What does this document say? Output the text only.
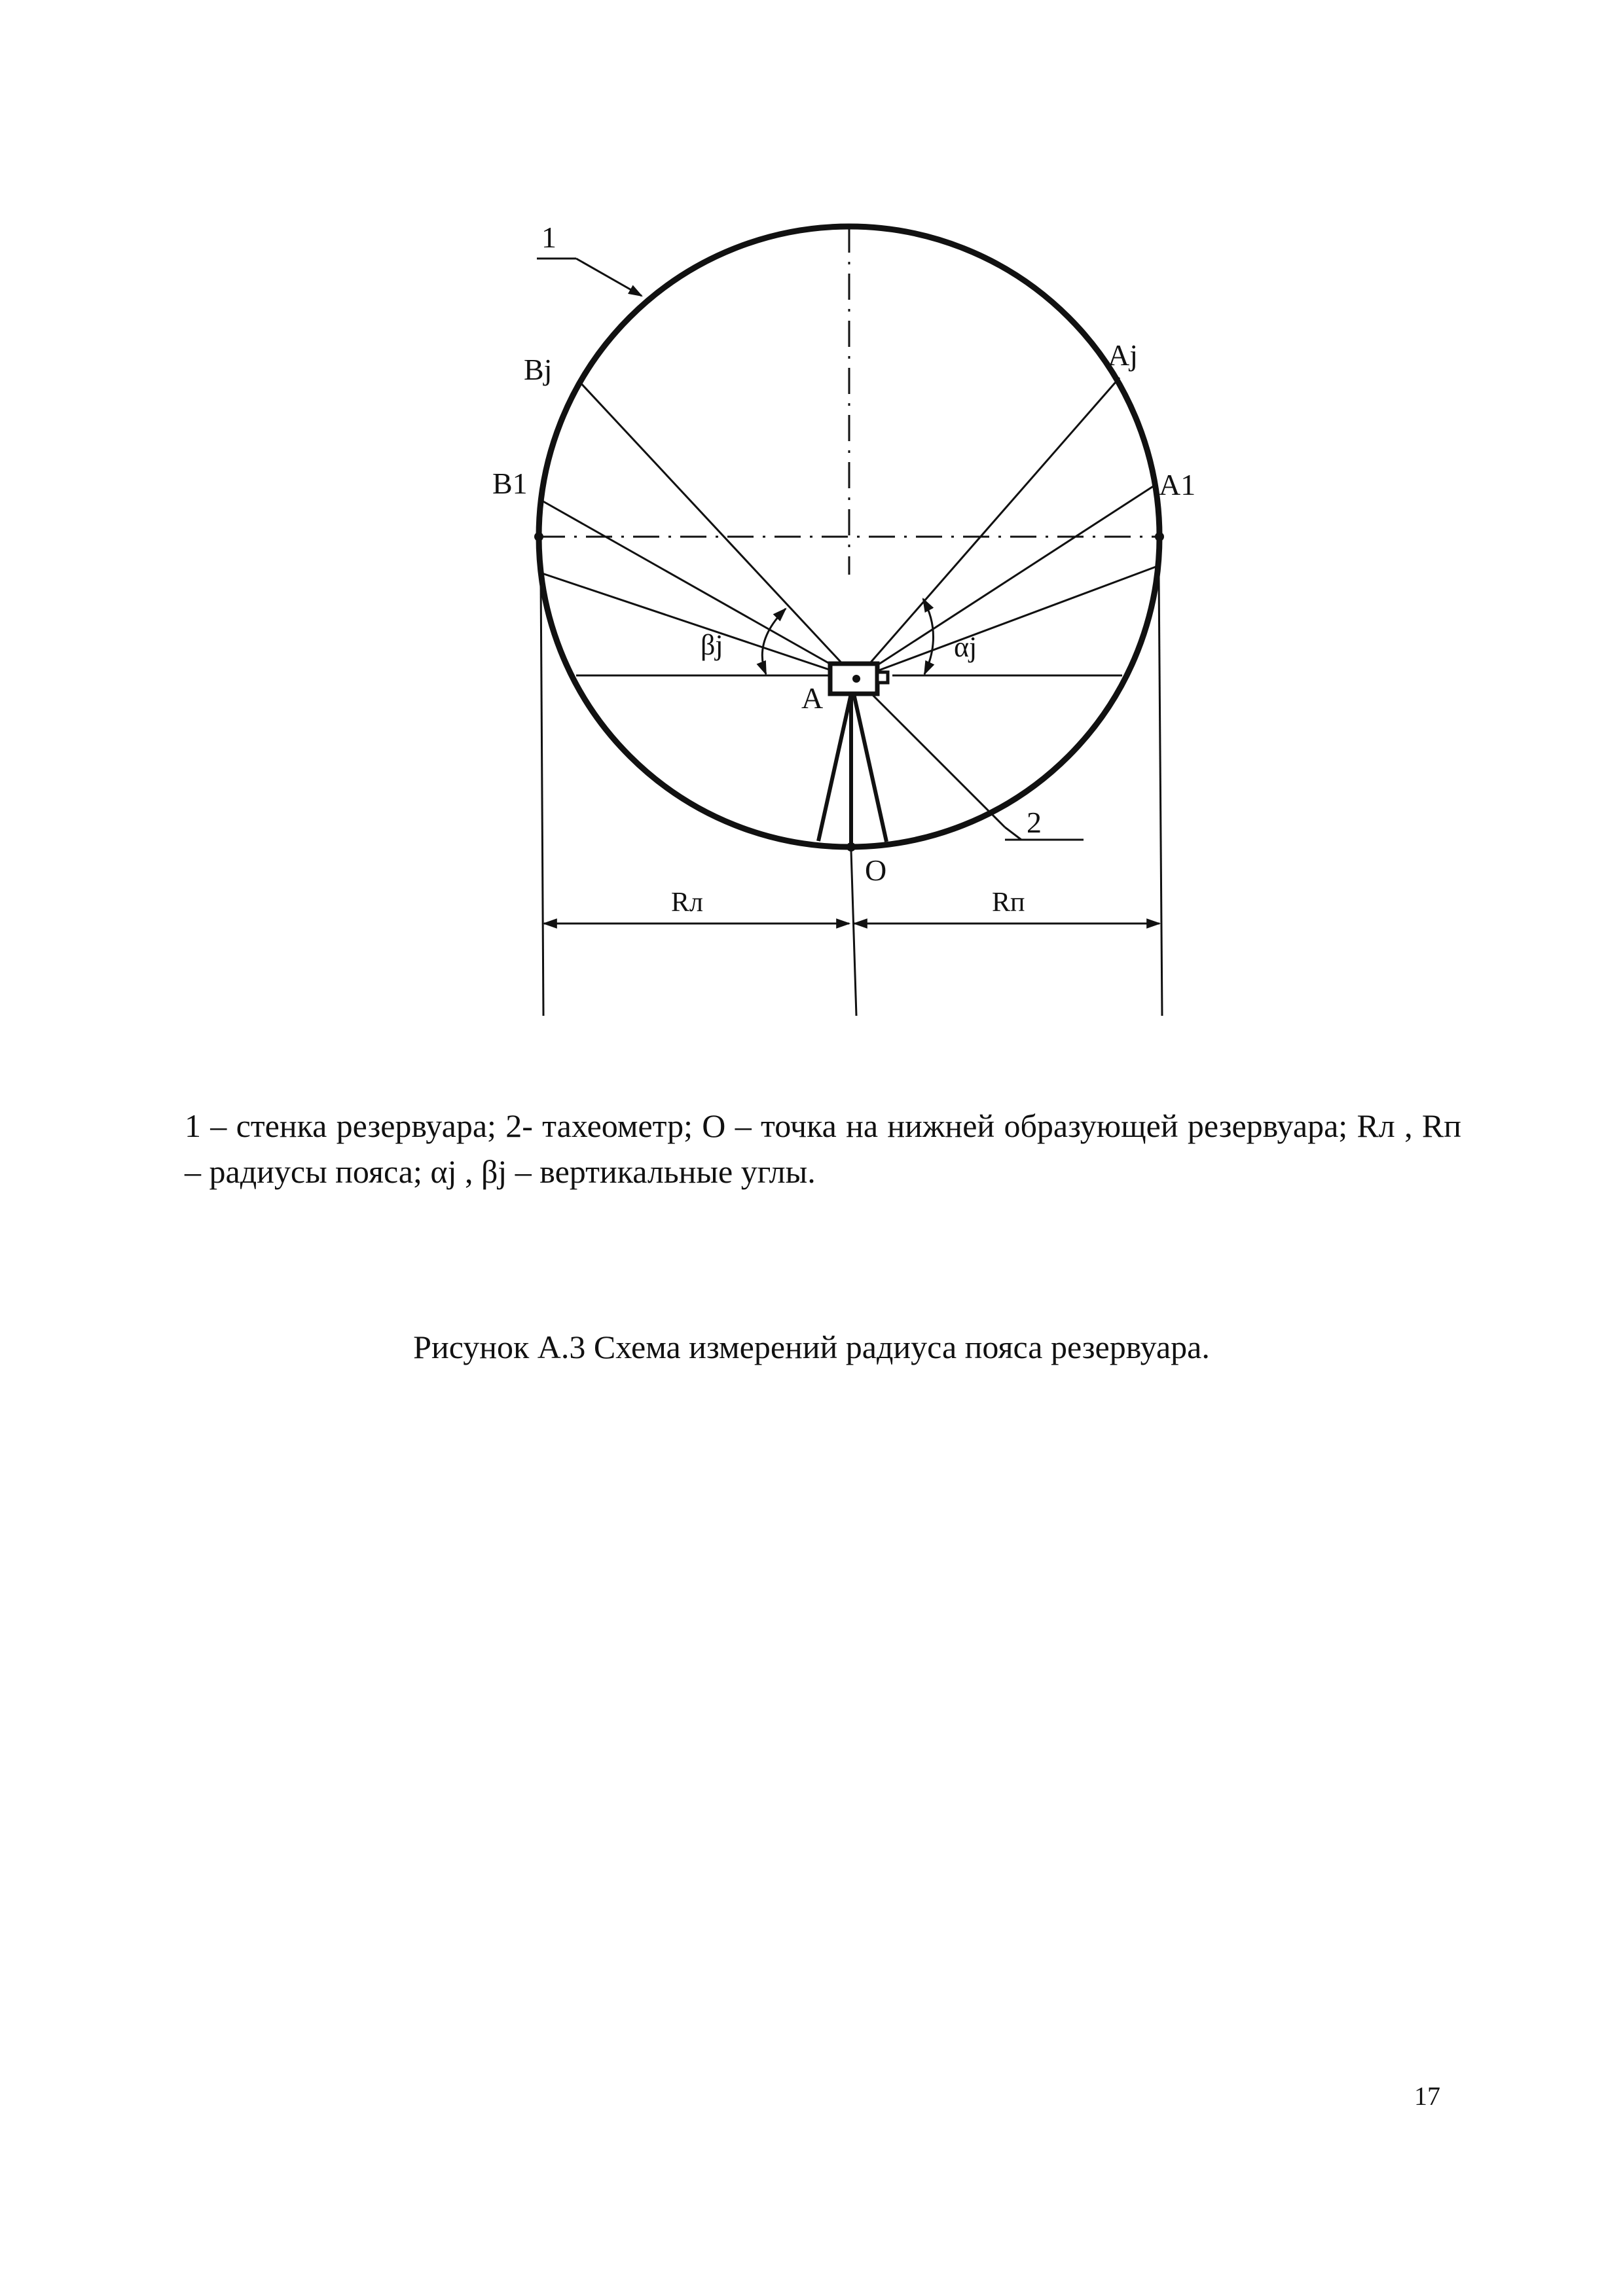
1
Bj
B1
Aj
A1
βj	αj
A
2
O
Rл	Rп

1 – стенка резервуара; 2- тахеометр; О – точка на нижней образующей резервуара; Rл , Rп – радиусы пояса; αj , βj – вертикальные углы.

Рисунок А.3 Схема измерений радиуса пояса резервуара.

17
